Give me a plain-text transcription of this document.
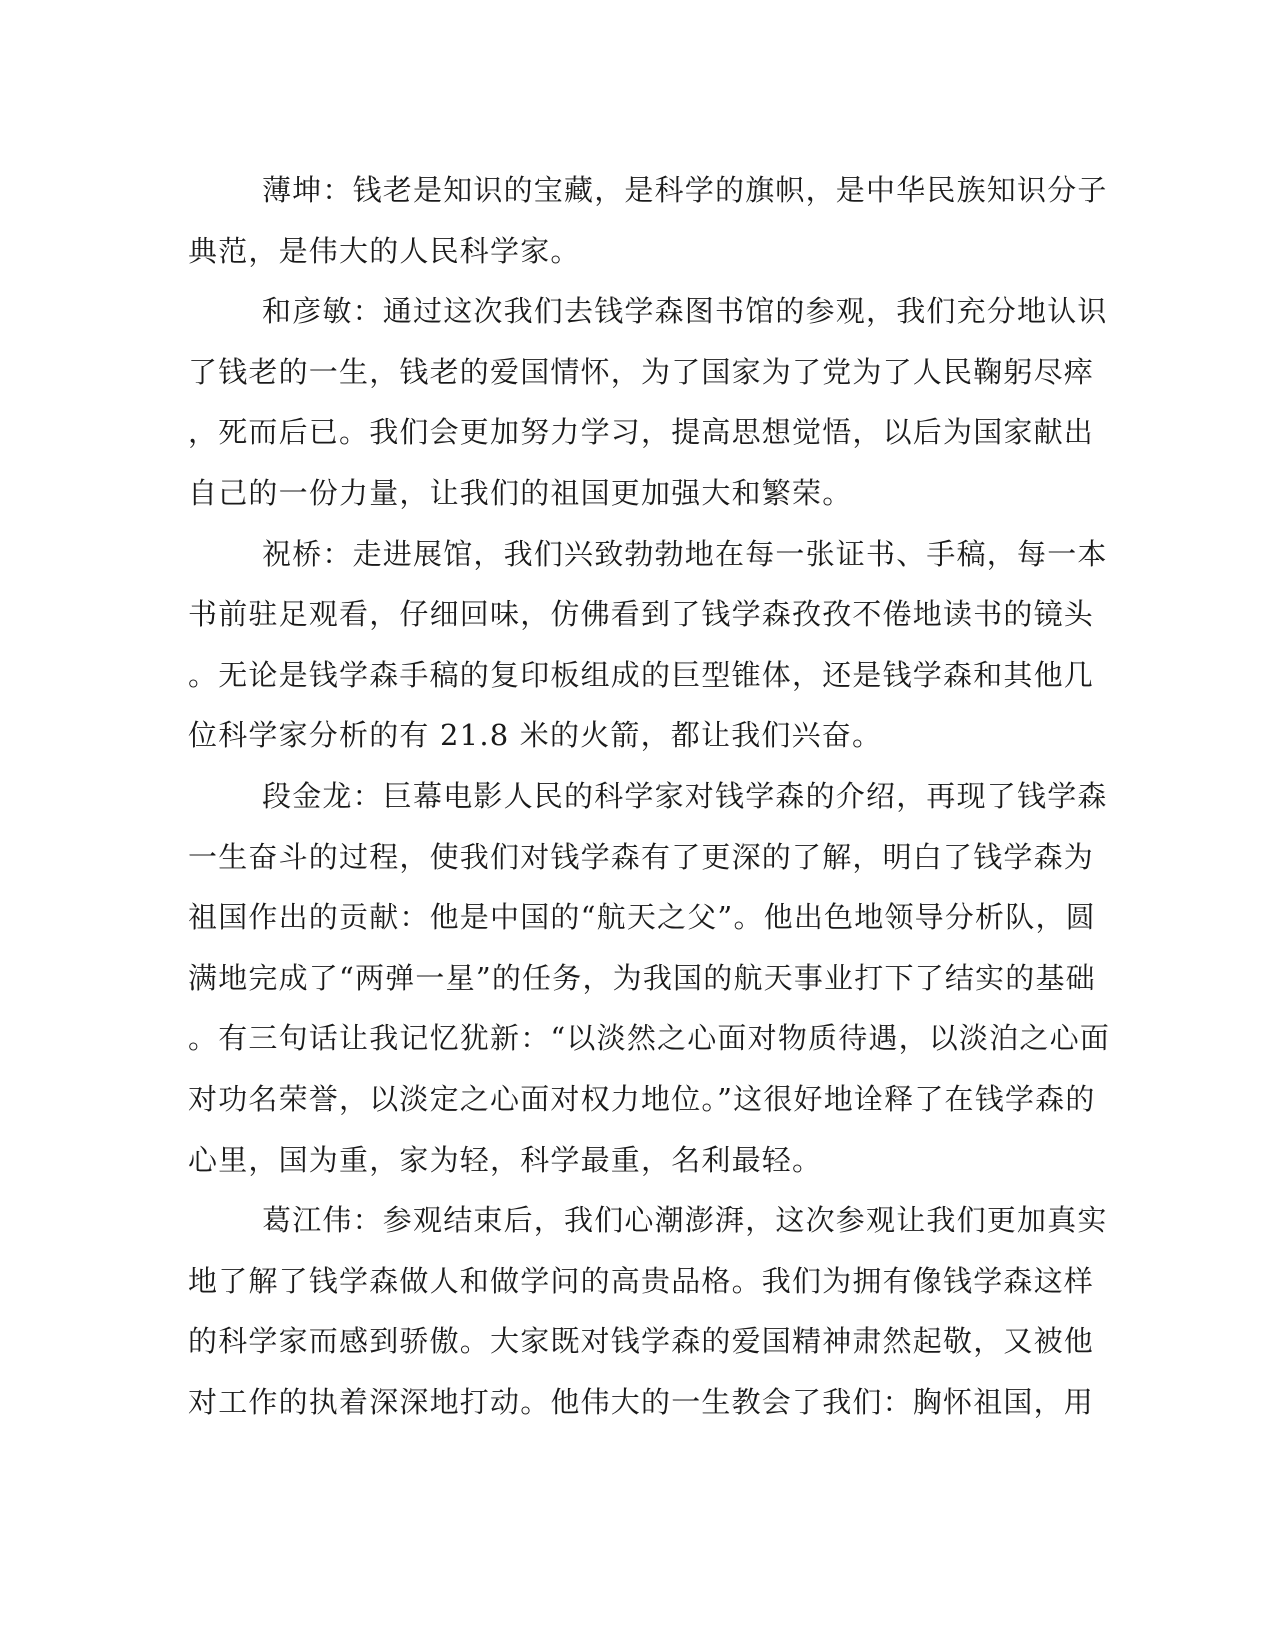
薄坤：钱老是知识的宝藏，是科学的旗帜，是中华民族知识分子
典范，是伟大的人民科学家。
和彦敏：通过这次我们去钱学森图书馆的参观，我们充分地认识
了钱老的一生，钱老的爱国情怀，为了国家为了党为了人民鞠躬尽瘁
，死而后已。我们会更加努力学习，提高思想觉悟，以后为国家献出
自己的一份力量，让我们的祖国更加强大和繁荣。
祝桥：走进展馆，我们兴致勃勃地在每一张证书、手稿，每一本
书前驻足观看，仔细回味，仿佛看到了钱学森孜孜不倦地读书的镜头
。无论是钱学森手稿的复印板组成的巨型锥体，还是钱学森和其他几
位科学家分析的有 21.8 米的火箭，都让我们兴奋。
段金龙：巨幕电影人民的科学家对钱学森的介绍，再现了钱学森
一生奋斗的过程，使我们对钱学森有了更深的了解，明白了钱学森为
祖国作出的贡献：他是中国的“航天之父”。他出色地领导分析队，圆
满地完成了“两弹一星”的任务，为我国的航天事业打下了结实的基础
。有三句话让我记忆犹新：“以淡然之心面对物质待遇，以淡泊之心面
对功名荣誉，以淡定之心面对权力地位。”这很好地诠释了在钱学森的
心里，国为重，家为轻，科学最重，名利最轻。
葛江伟：参观结束后，我们心潮澎湃，这次参观让我们更加真实
地了解了钱学森做人和做学问的高贵品格。我们为拥有像钱学森这样
的科学家而感到骄傲。大家既对钱学森的爱国精神肃然起敬，又被他
对工作的执着深深地打动。他伟大的一生教会了我们：胸怀祖国，用
